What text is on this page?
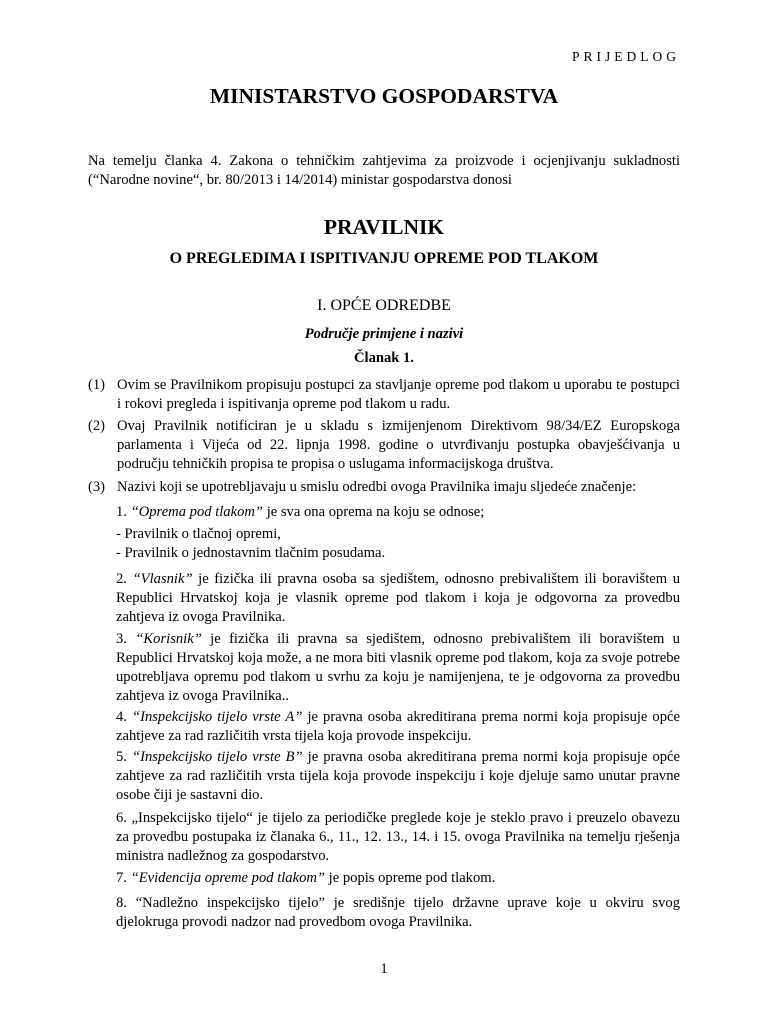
PRIJEDLOG
MINISTARSTVO GOSPODARSTVA
Na temelju članka 4. Zakona o tehničkim zahtjevima za proizvode i ocjenjivanju sukladnosti (“Narodne novine“, br. 80/2013 i 14/2014) ministar gospodarstva donosi
PRAVILNIK
O PREGLEDIMA I ISPITIVANJU OPREME POD TLAKOM
I. OPĆE ODREDBE
Područje primjene i nazivi
Članak 1.
(1) Ovim se Pravilnikom propisuju postupci za stavljanje opreme pod tlakom u uporabu te postupci i rokovi pregleda i ispitivanja opreme pod tlakom u radu.
(2) Ovaj Pravilnik notificiran je u skladu s izmijenjenom Direktivom 98/34/EZ Europskoga parlamenta i Vijeća od 22. lipnja 1998. godine o utvrđivanju postupka obavješćivanja u području tehničkih propisa te propisa o uslugama informacijskoga društva.
(3) Nazivi koji se upotrebljavaju u smislu odredbi ovoga Pravilnika imaju sljedeće značenje:
1. “Oprema pod tlakom” je sva ona oprema na koju se odnose;
- Pravilnik o tlačnoj opremi,
- Pravilnik o jednostavnim tlačnim posudama.
2. “Vlasnik” je fizička ili pravna osoba sa sjedištem, odnosno prebivalištem ili boravištem u Republici Hrvatskoj koja je vlasnik opreme pod tlakom i koja je odgovorna za provedbu zahtjeva iz ovoga Pravilnika.
3. “Korisnik” je fizička ili pravna sa sjedištem, odnosno prebivalištem ili boravištem u Republici Hrvatskoj koja može, a ne mora biti vlasnik opreme pod tlakom, koja za svoje potrebe upotrebljava opremu pod tlakom u svrhu za koju je namijenjena, te je odgovorna za provedbu zahtjeva iz ovoga Pravilnika..
4. “Inspekcijsko tijelo vrste A” je pravna osoba akreditirana prema normi koja propisuje opće zahtjeve za rad različitih vrsta tijela koja provode inspekciju.
5. “Inspekcijsko tijelo vrste B” je pravna osoba akreditirana prema normi koja propisuje opće zahtjeve za rad različitih vrsta tijela koja provode inspekciju i koje djeluje samo unutar pravne osobe čiji je sastavni dio.
6. „Inspekcijsko tijelo“ je tijelo za periodičke preglede koje je steklo pravo i preuzelo obavezu za provedbu postupaka iz članaka 6., 11., 12. 13., 14. i 15. ovoga Pravilnika na temelju rješenja ministra nadležnog za gospodarstvo.
7. “Evidencija opreme pod tlakom” je popis opreme pod tlakom.
8. “Nadležno inspekcijsko tijelo” je središnje tijelo državne uprave koje u okviru svog djelokruga provodi nadzor nad provedbom ovoga Pravilnika.
1
